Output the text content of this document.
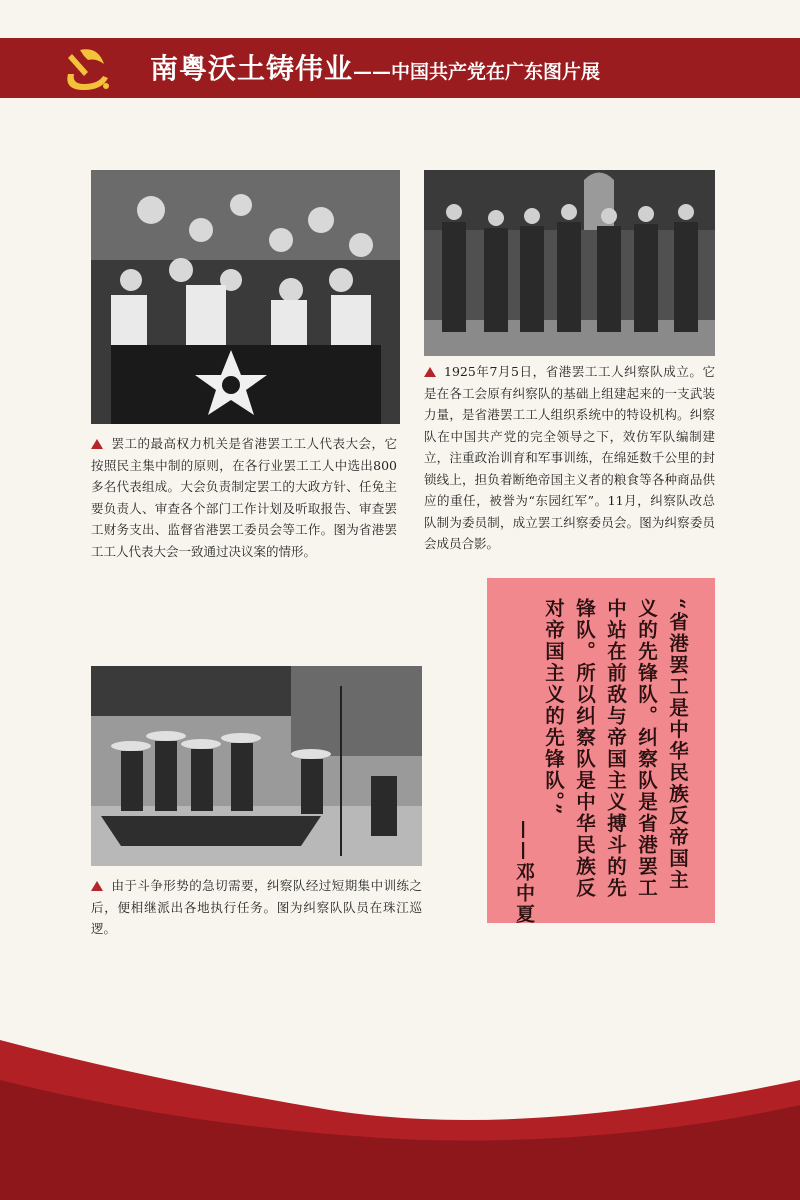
南粤沃土铸伟业——中国共产党在广东图片展
罢工的最高权力机关是省港罢工工人代表大会，它按照民主集中制的原则，在各行业罢工工人中选出800多名代表组成。大会负责制定罢工的大政方针、任免主要负责人、审查各个部门工作计划及听取报告、审查罢工财务支出、监督省港罢工委员会等工作。图为省港罢工工人代表大会一致通过决议案的情形。
1925年7月5日，省港罢工工人纠察队成立。它是在各工会原有纠察队的基础上组建起来的一支武装力量，是省港罢工工人组织系统中的特设机构。纠察队在中国共产党的完全领导之下，效仿军队编制建立，注重政治训育和军事训练，在绵延数千公里的封锁线上，担负着断绝帝国主义者的粮食等各种商品供应的重任，被誉为“东园红军”。11月，纠察队改总队制为委员制，成立罢工纠察委员会。图为纠察委员会成员合影。
由于斗争形势的急切需要，纠察队经过短期集中训练之后，便相继派出各地执行任务。图为纠察队队员在珠江巡逻。
“省港罢工是中华民族反帝国主义的先锋队。纠察队是省港罢工中站在前敌与帝国主义搏斗的先锋队。所以纠察队是中华民族反对帝国主义的先锋队。”
——邓中夏
